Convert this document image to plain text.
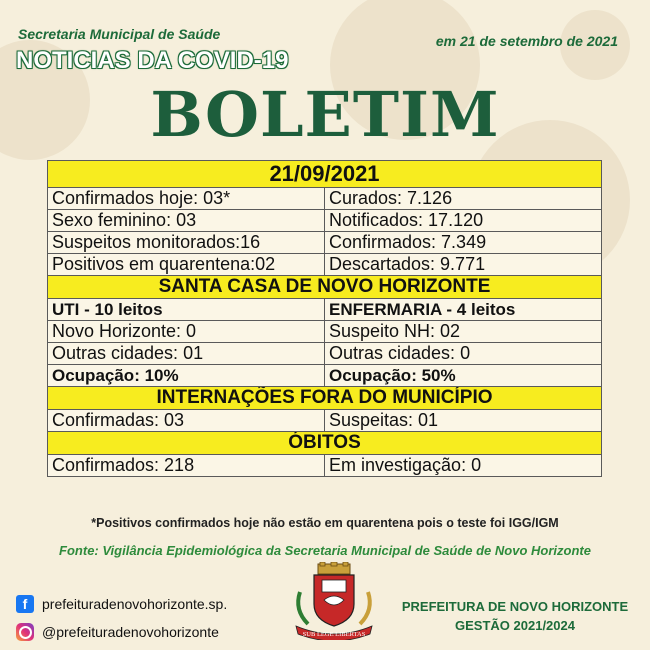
Secretaria Municipal de Saúde	em 21 de setembro de 2021
NOTICIAS DA COVID-19
BOLETIM
21/09/2021	
Confirmados hoje: 03*	Curados: 7.126
Sexo feminino: 03	Notificados: 17.120
Suspeitos monitorados:16	Confirmados: 7.349
Positivos em quarentena:02	Descartados: 9.771
SANTA CASA DE NOVO HORIZONTE	
UTI - 10 leitos	ENFERMARIA - 4 leitos
Novo Horizonte: 0	Suspeito NH: 02
Outras cidades: 01	Outras cidades: 0
Ocupação: 10%	Ocupação: 50%
INTERNAÇÕES FORA DO MUNICÍPIO	
Confirmadas: 03	Suspeitas: 01
ÓBITOS	
Confirmados: 218	Em investigação: 0
*Positivos confirmados hoje não estão em quarentena pois o teste foi IGG/IGM
Fonte: Vigilância Epidemiológica da Secretaria Municipal de Saúde de Novo Horizonte
f	prefeituradenovohorizonte.sp.
@prefeituradenovohorizonte	SUB LEGE LIBERTAS
PREFEITURA DE NOVO HORIZONTE
GESTÃO 2021/2024
